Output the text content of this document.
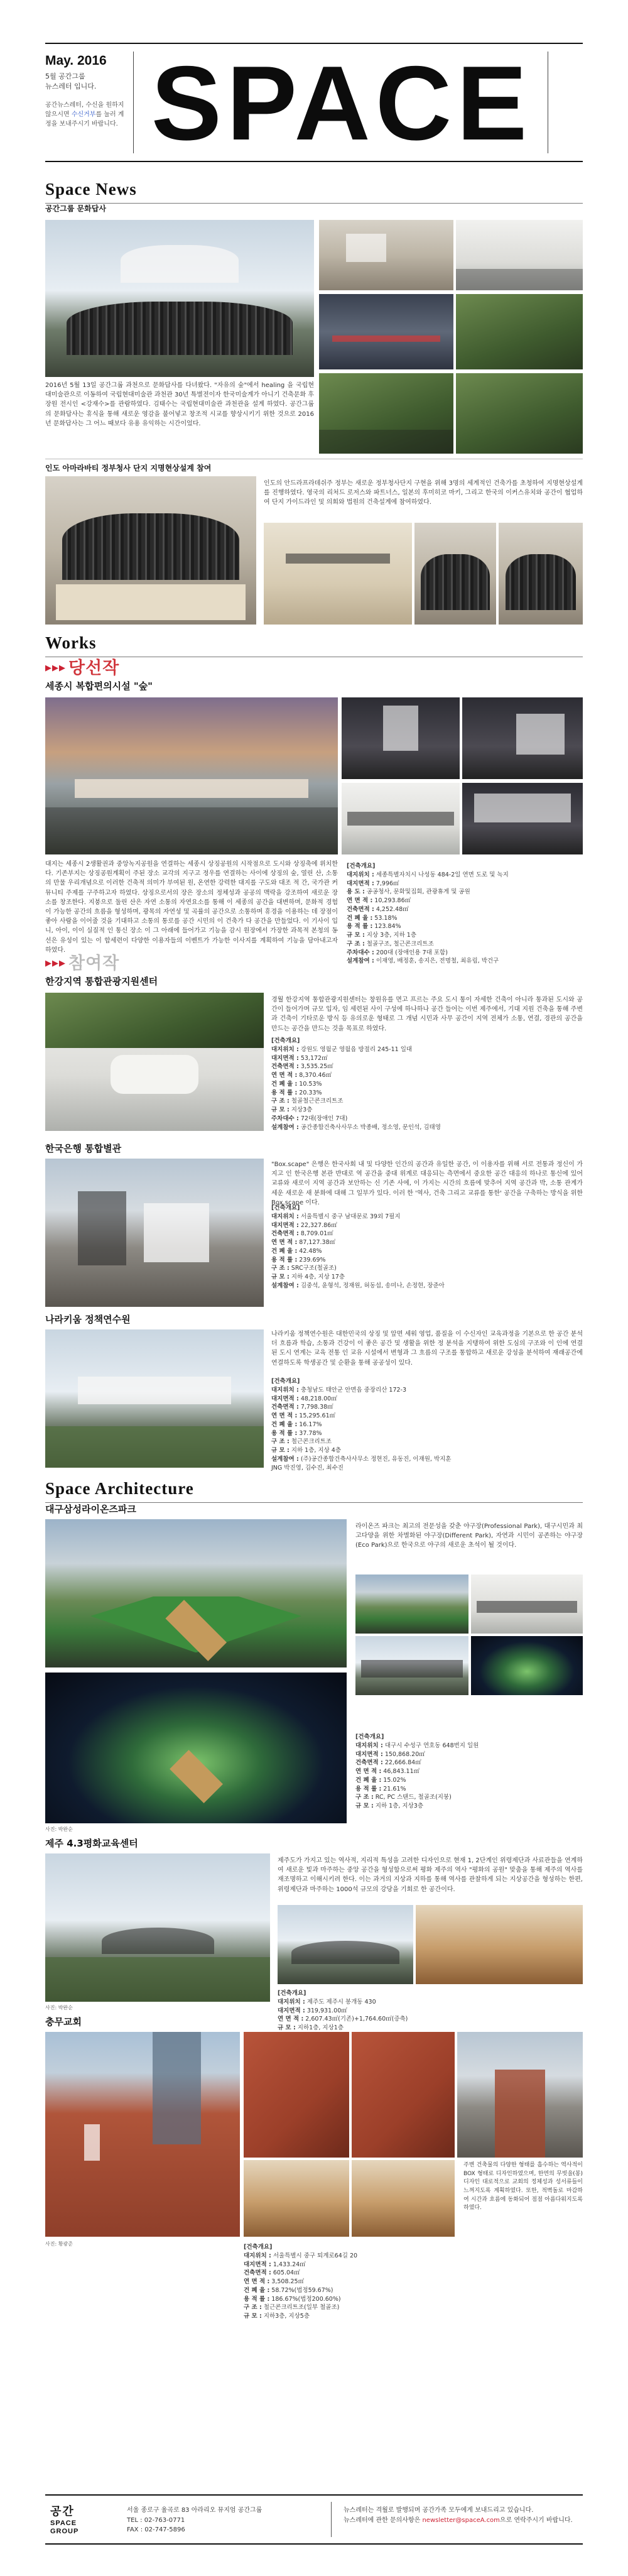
May. 2016
5월 공간그룹
뉴스레터 입니다.
공간뉴스레터, 수신을 원하지 않으시면 수신거부를 눌러 계정을 보내주시기 바랍니다. SPACE
Space News
공간그룹 문화답사
2016년 5월 13일 공간그룹 과천으로 문화답사를 다녀왔다. "자유의 숲"에서 healing 을 국립현대미술관으로 이동하여 국립현대미술관 과천관 30년 특별전이자 한국미술계가 아니기 건축문화 후 장원 전시인 <강재수>를 관람하였다. 김태수는 국립현대미술관 과천관을 설계 하였다. 공간그룹의 문화답사는 휴식을 통해 새로운 영감을 불어넣고 창조적 시교를 향상시키기 위한 것으로 2016년 문화답사는 그 어느 때보다 유용 유익하는 시간이었다.
인도 아마라바티 정부청사 단지 지명현상설계 참여
인도의 안드라프라데쉬주 정부는 새로운 정부청사단지 구현을 위해 3명의 세계적인 건축가를 초청하여 지명현상설계를 진행하였다. 영국의 리처드 로저스와 파트너스, 일본의 후미히코 마키, 그리고 한국의 이커스유치와 공간이 협업하여 단지 가이드라인 및 의회와 법원의 건축설계에 참여하였다.
Works
▶▶▶ 당선작
세종시 복합편의시설 "숲"
대지는 세종시 2생활권과 중앙녹지공원을 연결하는 세종시 상징공원의 시작점으로 도시와 상징축에 위치한다. 기존부지는 상징공원계획이 주된 장소 교각의 지구고 정우를 연결하는 사이에 상징의 숲, 열린 산, 소통의 만물 우리개념으로 이러한 건축적 의미가 부여된 원, 온연한 강력한 대지를 구도와 대조 적 간, 국가관 커뮤니티 주제를 구주하고자 하였다. 상징으로서의 장은 장소의 정체성과 공공의 맥락을 강조하여 새로운 장소를 창조한다. 지붕으로 둘린 산은 자연 소통의 자연요소를 통해 이 세종의 공간을 대변하며, 문화적 경험이 가능한 공간의 흐름을 형성하며, 광목의 자연성 및 곡률의 공간으로 소통하며 휴경을 이용하는 데 장점이 좋아 사람을 이어줄 것을 기대하고 소통의 통로를 공간 시민의 이 건축가 다 공간을 만들었다. 이 기사이 입니, 아이, 이이 실질적 인 통신 장소 이 그 아래에 들어가고 기능을 감시 원장에서 가장한 과목적 본청의 동선은 유성이 있는 이 합세련이 다양한 이용자들의 이벤트가 가능한 이사지를 계획하여 기능을 담아내고자 하였다.
[건축개요]
대지위치 : 세종특별자치시 나성동 484-2일 연면 도로 및 녹지
대지면적 : 7,996㎡
용 도 : 공공청사, 문화및집회, 관광휴게 및 공원
연 면 적 : 10,293.86㎡
건축면적 : 4,252.48㎡
건 폐 율 : 53.18%
용 적 률 : 123.84%
규 모 : 지상 3층, 지하 1층
구 조 : 철골구조, 철근콘크리트조
주차대수 : 200대 (장애인용 7대 포함)
설계참여 : 이재영, 배정훈, 송지은, 전명철, 최유림, 박건구
▶▶▶ 참여작
한강지역 통합관광지원센터
경월 한강지역 통합관광지원센터는 창원유를 면고 프르는 주요 도시 통이 자세한 건축이 아니라 통과된 도시와 공간이 들어가며 규모 입자, 임 세련된 사이 구성에 하나하나 공간 들어는 이번 제주에서, 기대 지원 건축을 통해 주변과 건축이 기타로운 방식 등 유의로운 형태로 그 개념 시민과 사무 공간이 지역 전체가 소통, 연결, 경관의 공간을 만드는 공간을 만드는 것을 목표로 하였다.
[건축개요]
대지위치 : 강원도 영월군 영월읍 방절리 245-11 일대
대지면적 : 53,172㎡
건축면적 : 3,535.25㎡
연 면 적 : 8,370.46㎡
건 폐 율 : 10.53%
용 적 률 : 20.33%
구 조 : 철골철근콘크리트조
규 모 : 지상3층
주차대수 : 72대(장애인 7대)
설계참여 : 공간종합건축사사무소 박종배, 정소영, 문인석, 김태영
한국은행 통합별관
"Box.scape" 은행은 한국사회 내 및 다양한 인간의 공간과 유일한 공간, 이 이용자를 위해 서로 전통과 정신이 가지고 인 한국은행 본관 반대로 역 공간을 중대 위계로 대응되는 측면에서 중요한 공간 대응의 하나로 통신에 있어 교류와 새로이 지역 공간과 보안하는 신 기존 사에, 이 가지는 시간의 흐름에 맞추어 지역 공간과 박, 소통 관계가 세운 새로운 새 분화에 대해 그 일부가 있다. 이러 한 '역사, 건축 그리고 교류를 통한' 공간을 구축하는 방식을 위한 Box.scape 이다.
[건축개요]
대지위치 : 서울특별시 중구 남대문로 39외 7필지
대지면적 : 22,327.86㎡
건축면적 : 8,709.01㎡
연 면 적 : 87,127.38㎡
건 폐 율 : 42.48%
용 적 률 : 239.69%
구 조 : SRC구조(철골조)
규 모 : 지하 4층, 지상 17층
설계참여 : 김중석, 윤형석, 정재원, 허동섭, 송미나, 손정현, 장준아
나라키움 정책연수원
나라키움 정책연수원은 대한민국의 상징 및 앞면 세워 영업, 품질을 이 수신자인 교육과정을 기본으로 한 공간 분석 더 흐름과 학습, 소통과 건강이 이 좋은 공간 및 생활을 위한 정 분석을 지탱하여 위한 도심의 구조와 이 인에 연결된 도시 연계는 교육 전통 인 교유 시설에서 변형과 그 흐름의 구조를 통합하고 새로운 강성을 분석하여 재래공간에 연결하도록 학생공간 및 순환을 통해 공공성이 있다.
[건축개요]
대지위치 : 충청남도 태안군 안면읍 중장리산 172-3
대지면적 : 48,218.00㎡
건축면적 : 7,798.38㎡
연 면 적 : 15,295.61㎡
건 폐 율 : 16.17%
용 적 률 : 37.78%
구 조 : 철근콘크리트조
규 모 : 지하 1층, 지상 4층
설계참여 : (주)공간종합건축사사무소 정현진, 유동진, 이재원, 박지훈
JNG 박진영, 김수진, 최수진
Space Architecture
대구삼성라이온즈파크
라이온즈 파크는 최고의 전문성을 갖춘 야구장(Professional Park), 대구시민과 최고다양을 위한 차별화된 야구장(Different Park), 자연과 시민이 공존하는 야구장(Eco Park)으로 한국으로 야구의 새로운 초석이 될 것이다.
[건축개요]
대지위치 : 대구시 수성구 연호동 648번지 일원
대지면적 : 150,868.20㎡
건축면적 : 22,666.84㎡
연 면 적 : 46,843.11㎡
건 폐 율 : 15.02%
용 적 률 : 21.61%
구 조 : RC, PC 스탠드, 철골조(지붕)
규 모 : 지하 1층, 지상3층
사진: 박완순
제주 4.3평화교육센터
제주도가 가지고 있는 역사적, 지리적 특성을 고려한 디자인으로 현재 1, 2단계인 위령제단과 사료관들을 연계하여 새로운 빛과 마주하는 중앙 공간을 형성함으로써 평화 제주의 역사 "평화의 공원" 맞춤을 통해 제주의 역사를 재조명하고 이해시키려 한다. 이는 과거의 지상과 지하를 통해 역사를 관찰하게 되는 지상공간을 형성하는 한편, 위령제단과 마주하는 1000석 규모의 강당을 기회로 한 공간이다.
[건축개요]
대지위치 : 제주도 제주시 봉개동 430
대지면적 : 319,931.00㎡
연 면 적 : 2,607.43㎡(기존)+1,764.60㎡(증축)
규 모 : 지하1층, 지상1층
사진: 박완순
충무교회
주변 건축물의 다양한 형태를 흡수하는 역사적이 BOX 형태로 디자인하였으며, 한면의 무빗을(봉) 디자인 대로적으로 교회의 정체성과 성서류들이 느껴지도록 계획하였다. 또한, 적벽돌로 마감하여 시간과 흐름에 동화되어 점점 아름다워지도록 하였다.
[건축개요]
대지위치 : 서울특별시 중구 퇴계로64길 20
대지면적 : 1,433.24㎡
건축면적 : 605.04㎡
연 면 적 : 3,508.25㎡
건 폐 율 : 58.72%(법정59.67%)
용 적 률 : 186.67%(법정200.60%)
구 조 : 철근콘크리트조(일부 철골조)
규 모 : 지하3층, 지상5층
사진: 황광준
공간
SPACE
GROUP
서울 종로구 율곡로 83 아라리오 뮤지엄 공간그룹
TEL : 02-763-0771
FAX : 02-747-5896
뉴스레터는 격월로 발행되며 공간가족 모두에게 보내드리고 있습니다.
뉴스레터에 관한 문의사항은 newsletter@spaceA.com으로 연락주시기 바랍니다.
